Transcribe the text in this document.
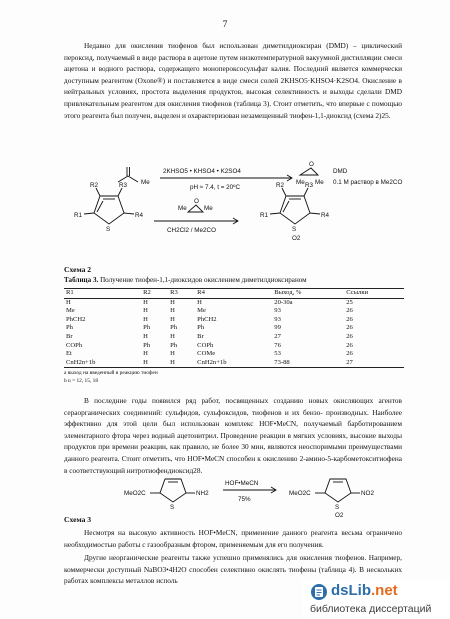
7

Недавно для окисления тиофенов был использован диметилдиоксиран (DMD) – циклический пероксид, получаемый в виде раствора в ацетоне путем низкотемпературной вакуумной дистилляции смеси ацетона и водного раствора, содержащего монопероксосульфат калия. Последний является коммерчески доступным реагентом (Oxone®) и поставляется в виде смеси солей 2KHSO5·KHSO4·K2SO4. Окисление в нейтральных условиях, простота выделения продуктов, высокая селективность и выходы сделали DMD привлекательным реагентом для окисления тиофенов (таблица 3). Стоит отметить, что впервые с помощью этого реагента был получен, выделен и охарактеризован незамещенный тиофен-1,1-диоксид (схема 2)25.

Me
2KHSO5 • KHSO4 • K2SO4
pH ≈ 7.4, t = 20ºC
O
Me Me
DMD
0.1 М раствор в Me2CO
O
Me	Me
CH2Cl2 / Me2CO
R2	R3
R1	R4
S
R2	R3
R1	R4
S
O2
Схема 2
Таблица 3. Получение тиофен-1,1-диоксидов окислением диметилдиоксираном
R1	R2	R3	R4	Выход, %	Ссылки
H	H	H	H	20-30a	25
Me	H	H	Me	93	26
PhCH2	H	H	PhCH2	93	26
Ph	Ph	Ph	Ph	99	26
Br	H	H	Br	27	26
COPh	Ph	Ph	COPh	76	26
Et	H	H	COMe	53	26
CnH2n+1b	H	H	CnH2n+1b	73-88	27
a выход на введенный в реакцию тиофен
b n = 12, 15, 18

В последние годы появился ряд работ, посвященных созданию новых окисляющих агентов сераорганических соединений: сульфидов, сульфоксидов, тиофенов и их бензо- производных. Наиболее эффективно для этой цели был использован комплекс HOF•MeCN, получаемый барботированием элементарного фтора через водный ацетонитрил. Проведение реакции в мягких условиях, высокие выходы продуктов при времени реакции, как правило, не более 30 мин, являются неоспоримыми преимуществами данного реагента. Стоит отметить, что HOF•MeCN способен к окислению 2-амино-5-карбометокситиофена в соответствующий нитротиофендиоксид28.

MeO2C
S
NH2
HOF•MeCN
75%
MeO2C
S
O2
NO2
Схема 3

Несмотря на высокую активность HOF•MeCN, применение данного реагента весьма ограничено необходимостью работы с газообразным фтором, применяемым для его получения.

Другие неорганические реагенты также успешно применялись для окисления тиофенов. Например, коммерчески доступный NaBO3•4H2O способен селективно окислять тиофены (таблица 4). В нескольких работах комплексы металлов исполь

dsLib.net
библиотека диссертаций
